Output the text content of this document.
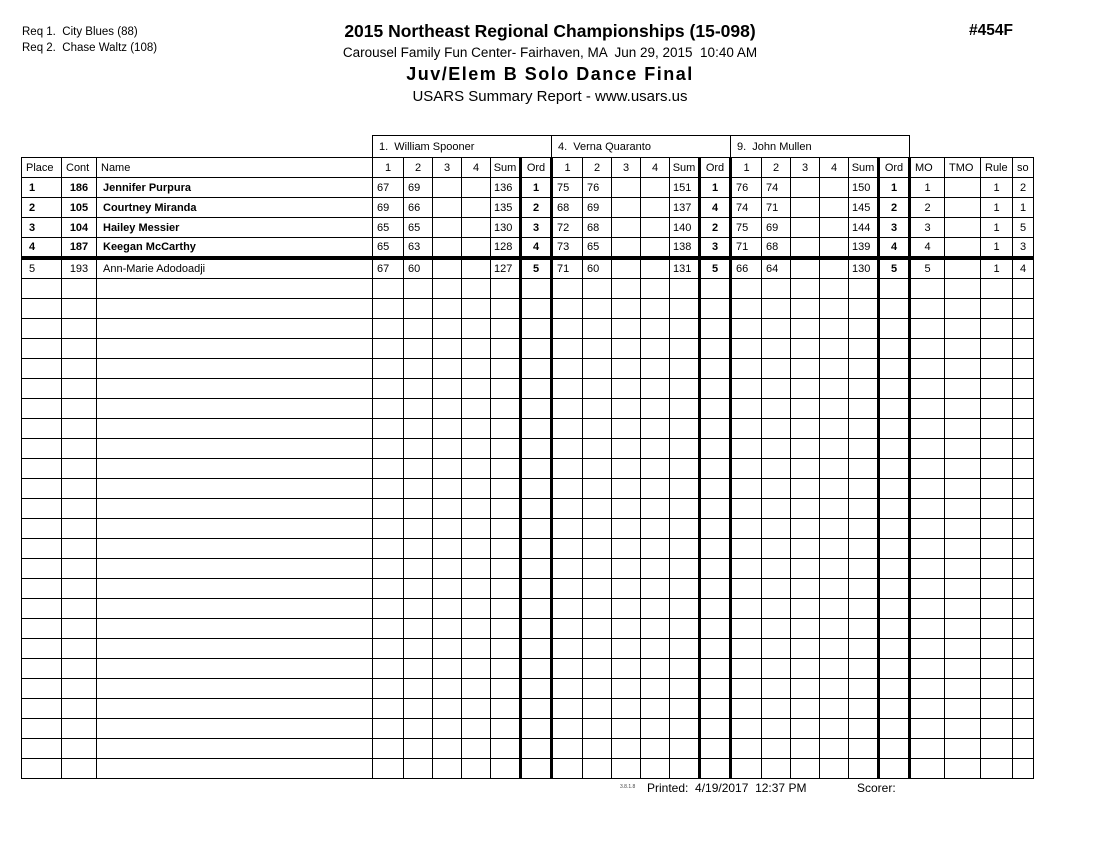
Req 1.  City Blues (88)
Req 2.  Chase Waltz (108)
2015 Northeast Regional Championships (15-098)
Carousel Family Fun Center- Fairhaven, MA  Jun 29, 2015  10:40 AM
Juv/Elem B Solo Dance Final
USARS Summary Report - www.usars.us
#454F
			1.  William Spooner						4.  Verna Quaranto						9.  John Mullen									
Place	Cont	Name	1	2	3	4	Sum	Ord	1	2	3	4	Sum	Ord	1	2	3	4	Sum	Ord	MO	TMO	Rule	so
1	186	Jennifer Purpura	67	69			136	1	75	76			151	1	76	74			150	1	1		1	2
2	105	Courtney Miranda	69	66			135	2	68	69			137	4	74	71			145	2	2		1	1
3	104	Hailey Messier	65	65			130	3	72	68			140	2	75	69			144	3	3		1	5
4	187	Keegan McCarthy	65	63			128	4	73	65			138	3	71	68			139	4	4		1	3
5	193	Ann-Marie Adodoadji	67	60			127	5	71	60			131	5	66	64			130	5	5		1	4

3.8.1.8 Printed:  4/19/2017  12:37 PM	Scorer:
